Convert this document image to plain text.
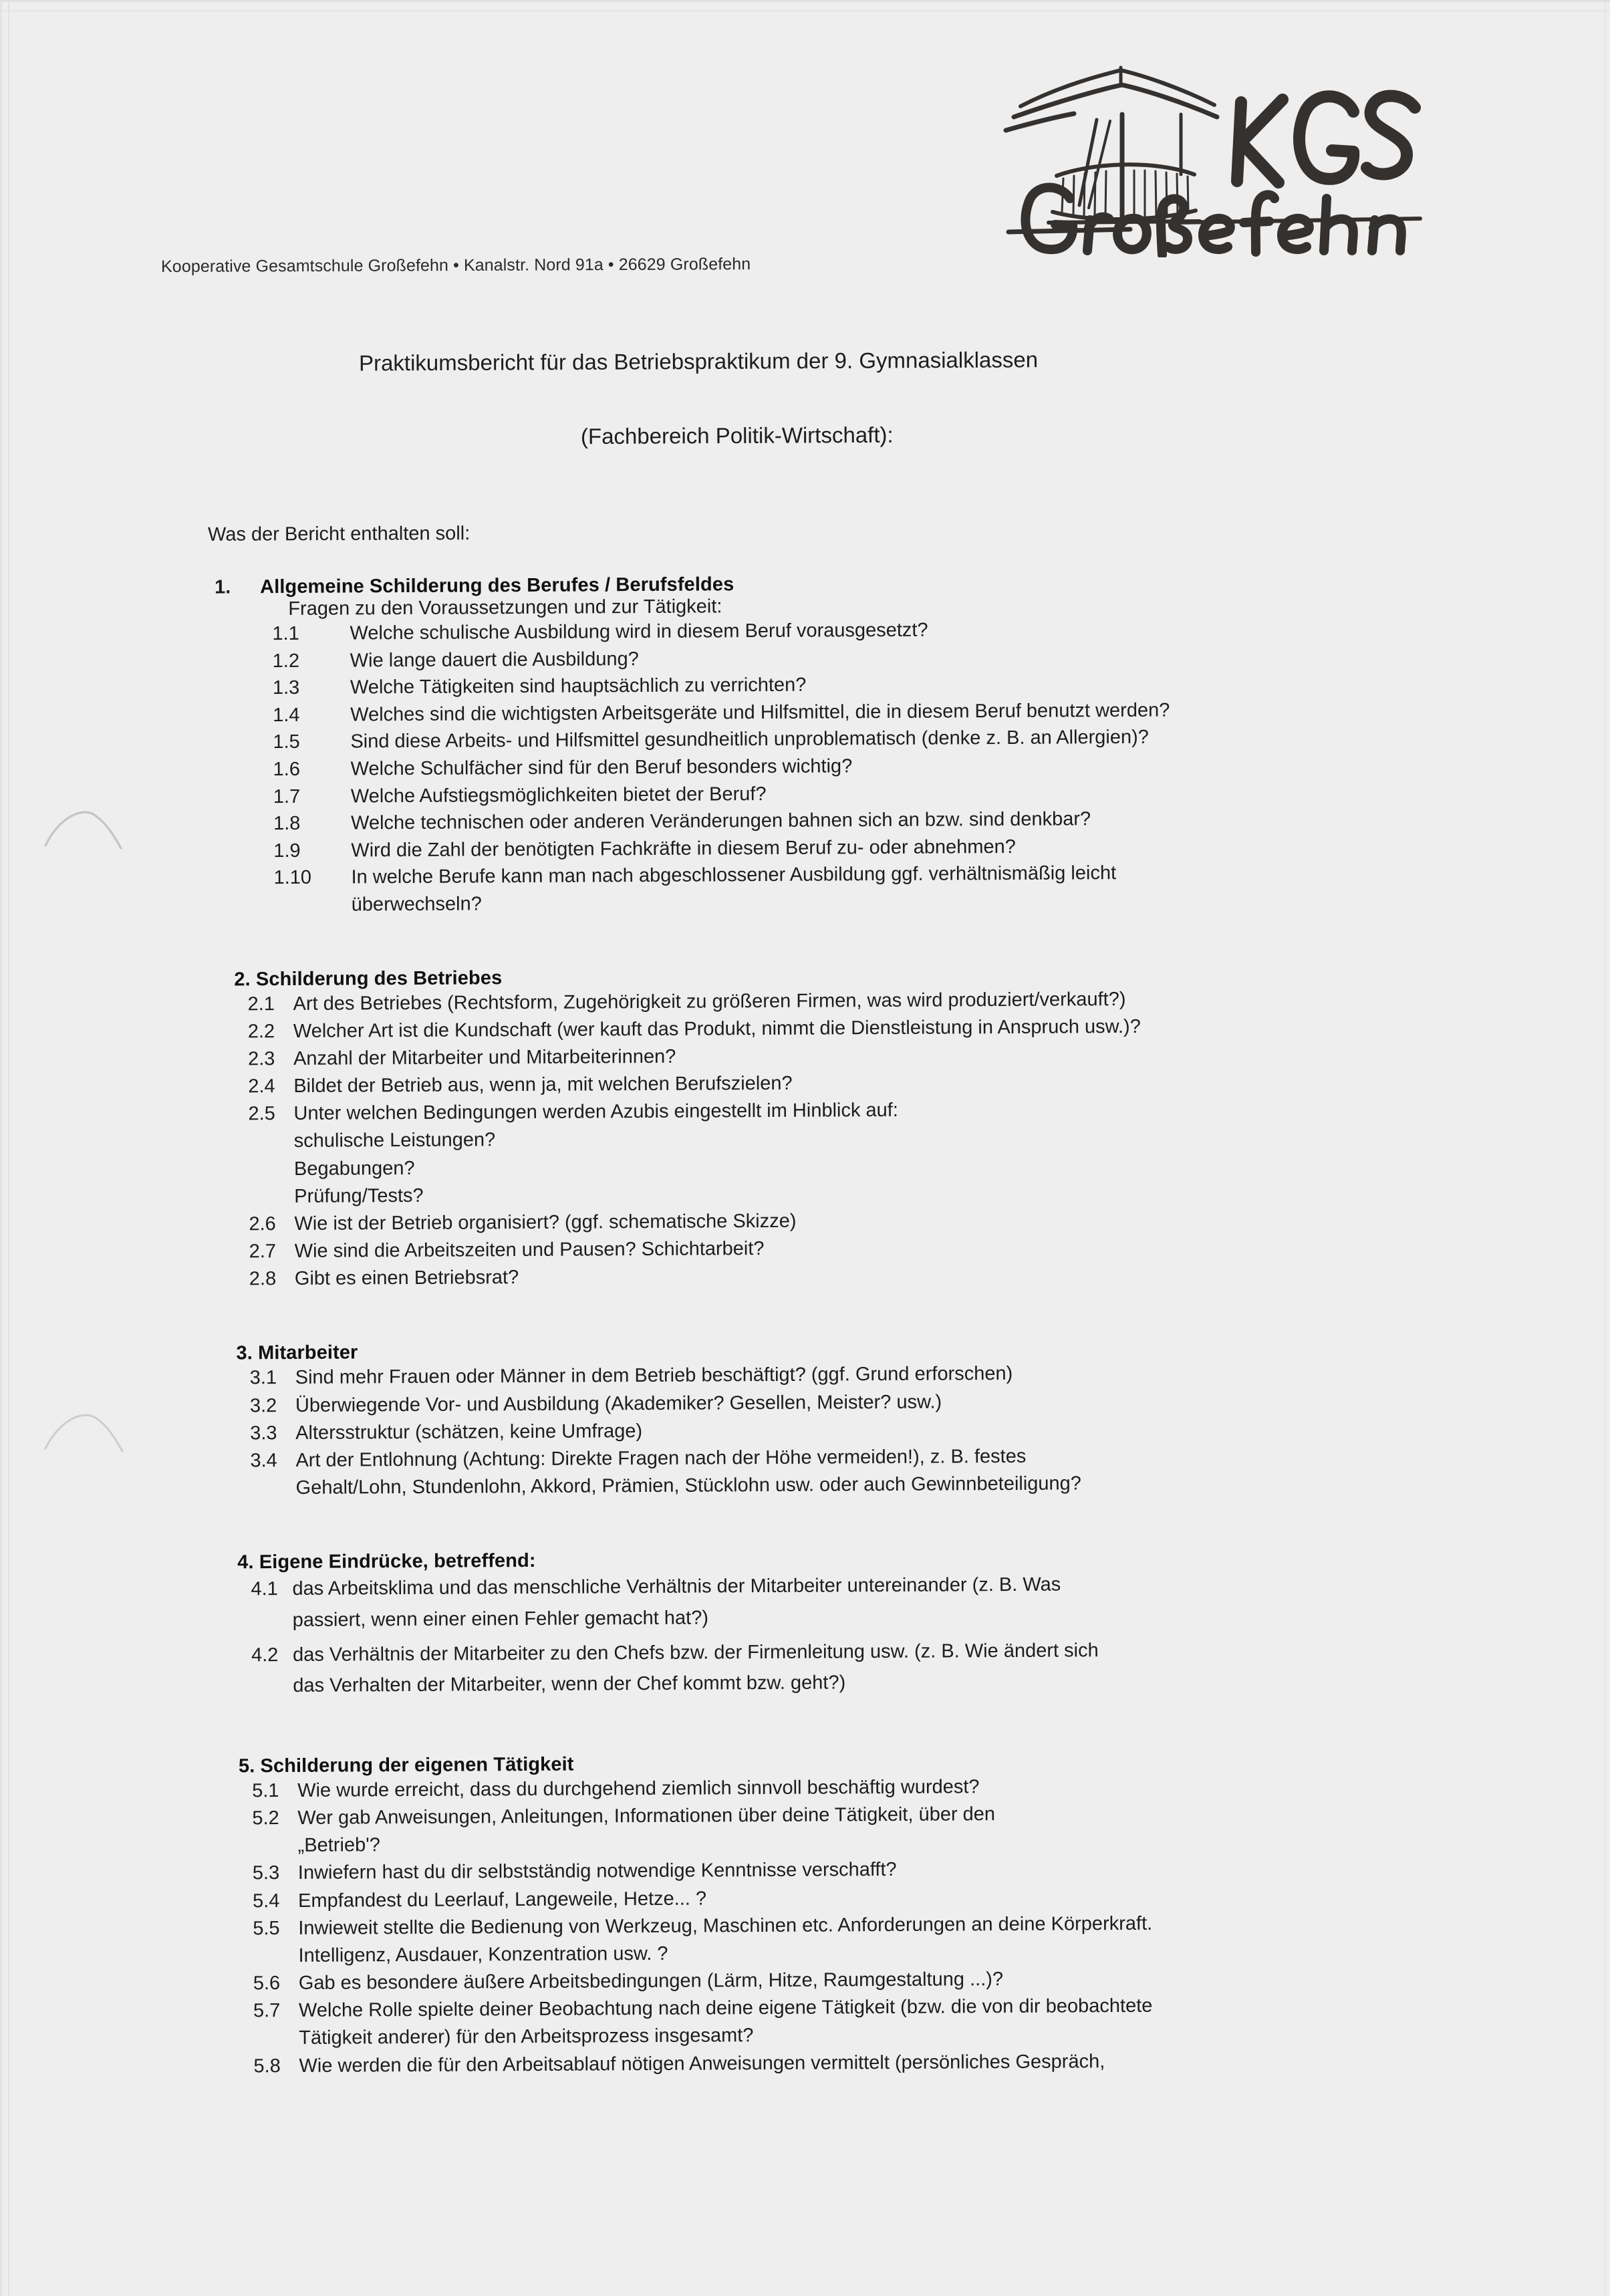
Kooperative Gesamtschule Großefehn • Kanalstr. Nord 91a • 26629 Großefehn
Praktikumsbericht für das Betriebspraktikum der 9. Gymnasialklassen
(Fachbereich Politik-Wirtschaft):
Was der Bericht enthalten soll:
1.	Allgemeine Schilderung des Berufes / Berufsfeldes
Fragen zu den Voraussetzungen und zur Tätigkeit:
1.1	Welche schulische Ausbildung wird in diesem Beruf vorausgesetzt?
1.2	Wie lange dauert die Ausbildung?
1.3	Welche Tätigkeiten sind hauptsächlich zu verrichten?
1.4	Welches sind die wichtigsten Arbeitsgeräte und Hilfsmittel, die in diesem Beruf benutzt werden?
1.5	Sind diese Arbeits- und Hilfsmittel gesundheitlich unproblematisch (denke z. B. an Allergien)?
1.6	Welche Schulfächer sind für den Beruf besonders wichtig?
1.7	Welche Aufstiegsmöglichkeiten bietet der Beruf?
1.8	Welche technischen oder anderen Veränderungen bahnen sich an bzw. sind denkbar?
1.9	Wird die Zahl der benötigten Fachkräfte in diesem Beruf zu- oder abnehmen?
1.10	In welche Berufe kann man nach abgeschlossener Ausbildung ggf. verhältnismäßig leicht
überwechseln?
2. Schilderung des Betriebes
2.1 Art des Betriebes (Rechtsform, Zugehörigkeit zu größeren Firmen, was wird produziert/verkauft?)
2.2 Welcher Art ist die Kundschaft (wer kauft das Produkt, nimmt die Dienstleistung in Anspruch usw.)?
2.3 Anzahl der Mitarbeiter und Mitarbeiterinnen?
2.4 Bildet der Betrieb aus, wenn ja, mit welchen Berufszielen?
2.5 Unter welchen Bedingungen werden Azubis eingestellt im Hinblick auf:
schulische Leistungen?
Begabungen?
Prüfung/Tests?
2.6 Wie ist der Betrieb organisiert? (ggf. schematische Skizze)
2.7 Wie sind die Arbeitszeiten und Pausen? Schichtarbeit?
2.8 Gibt es einen Betriebsrat?
3. Mitarbeiter
3.1 Sind mehr Frauen oder Männer in dem Betrieb beschäftigt? (ggf. Grund erforschen)
3.2 Überwiegende Vor- und Ausbildung (Akademiker? Gesellen, Meister? usw.)
3.3 Altersstruktur (schätzen, keine Umfrage)
3.4 Art der Entlohnung (Achtung: Direkte Fragen nach der Höhe vermeiden!), z. B. festes
Gehalt/Lohn, Stundenlohn, Akkord, Prämien, Stücklohn usw. oder auch Gewinnbeteiligung?
4. Eigene Eindrücke, betreffend:
4.1 das Arbeitsklima und das menschliche Verhältnis der Mitarbeiter untereinander (z. B. Was
passiert, wenn einer einen Fehler gemacht hat?)
4.2 das Verhältnis der Mitarbeiter zu den Chefs bzw. der Firmenleitung usw. (z. B. Wie ändert sich
das Verhalten der Mitarbeiter, wenn der Chef kommt bzw. geht?)
5. Schilderung der eigenen Tätigkeit
5.1 Wie wurde erreicht, dass du durchgehend ziemlich sinnvoll beschäftig wurdest?
5.2 Wer gab Anweisungen, Anleitungen, Informationen über deine Tätigkeit, über den
„Betrieb'?
5.3 Inwiefern hast du dir selbstständig notwendige Kenntnisse verschafft?
5.4 Empfandest du Leerlauf, Langeweile, Hetze... ?
5.5 Inwieweit stellte die Bedienung von Werkzeug, Maschinen etc. Anforderungen an deine Körperkraft.
Intelligenz, Ausdauer, Konzentration usw. ?
5.6 Gab es besondere äußere Arbeitsbedingungen (Lärm, Hitze, Raumgestaltung ...)?
5.7 Welche Rolle spielte deiner Beobachtung nach deine eigene Tätigkeit (bzw. die von dir beobachtete
Tätigkeit anderer) für den Arbeitsprozess insgesamt?
5.8 Wie werden die für den Arbeitsablauf nötigen Anweisungen vermittelt (persönliches Gespräch,
